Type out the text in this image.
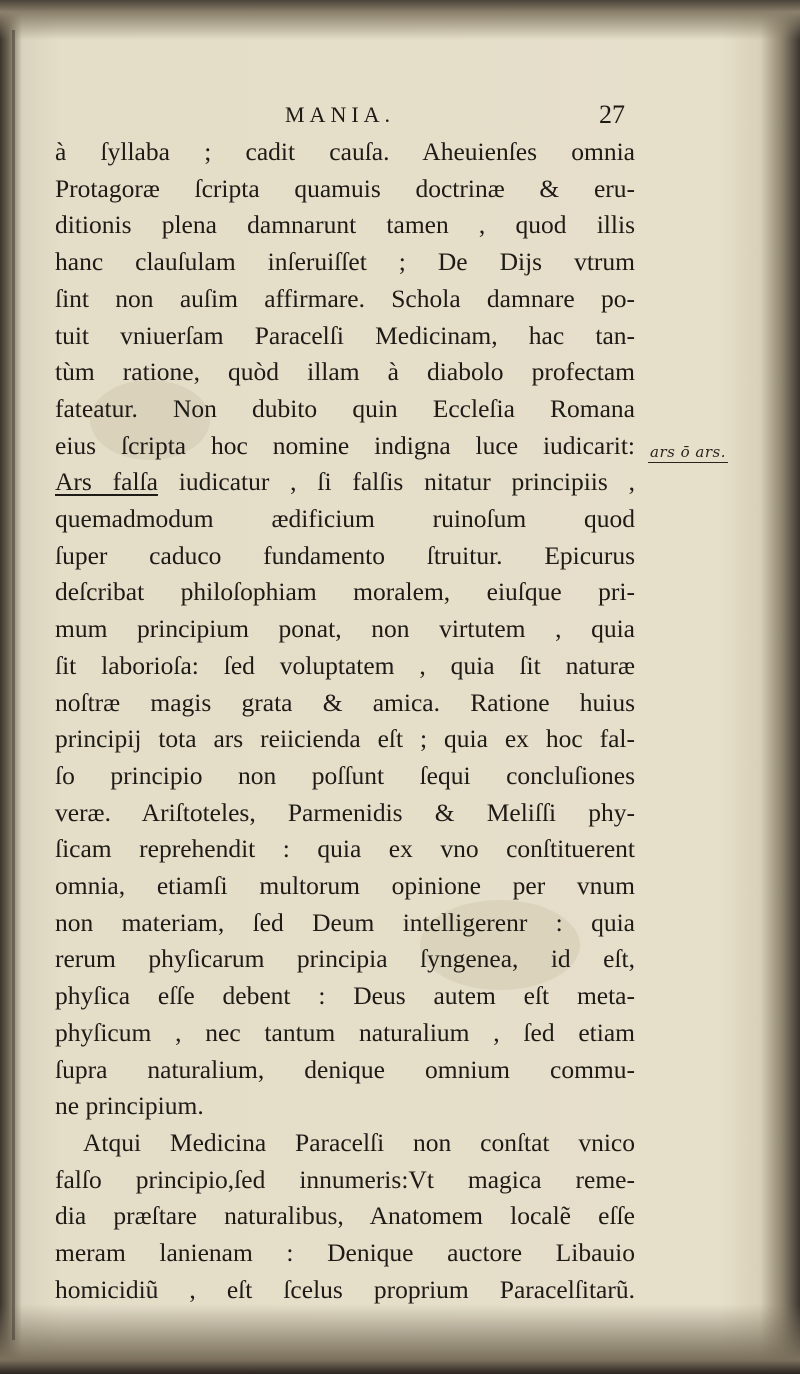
MANIA.	27
à ſyllaba ; cadit cauſa. Aheuienſes omnia
Protagoræ ſcripta quamuis doctrinæ & eru-
ditionis plena damnarunt tamen , quod illis
hanc clauſulam inſeruiſſet ; De Dijs vtrum
ſint non auſim affirmare. Schola damnare po-
tuit vniuerſam Paracelſi Medicinam, hac tan-
tùm ratione, quòd illam à diabolo profectam
fateatur. Non dubito quin Eccleſia Romana
eius ſcripta hoc nomine indigna luce iudicarit:
Ars falſa iudicatur , ſi falſis nitatur principiis ,
quemadmodum ædificium ruinoſum quod
ſuper caduco fundamento ſtruitur. Epicurus
deſcribat philoſophiam moralem, eiuſque pri-
mum principium ponat, non virtutem , quia
ſit laborioſa: ſed voluptatem , quia ſit naturæ
noſtræ magis grata & amica. Ratione huius
principij tota ars reiicienda eſt ; quia ex hoc fal-
ſo principio non poſſunt ſequi concluſiones
veræ. Ariſtoteles, Parmenidis & Meliſſi phy-
ſicam reprehendit : quia ex vno conſtituerent
omnia, etiamſi multorum opinione per vnum
non materiam, ſed Deum intelligerenr : quia
rerum phyſicarum principia ſyngenea, id eſt,
phyſica eſſe debent : Deus autem eſt meta-
phyſicum , nec tantum naturalium , ſed etiam
ſupra naturalium, denique omnium commu-
ne principium.
Atqui Medicina Paracelſi non conſtat vnico
falſo principio,ſed innumeris:Vt magica reme-
dia præſtare naturalibus, Anatomem localẽ eſſe
meram lanienam : Denique auctore Libauio
homicidiũ , eſt ſcelus proprium Paracelſitarũ.
ars ō ars.
